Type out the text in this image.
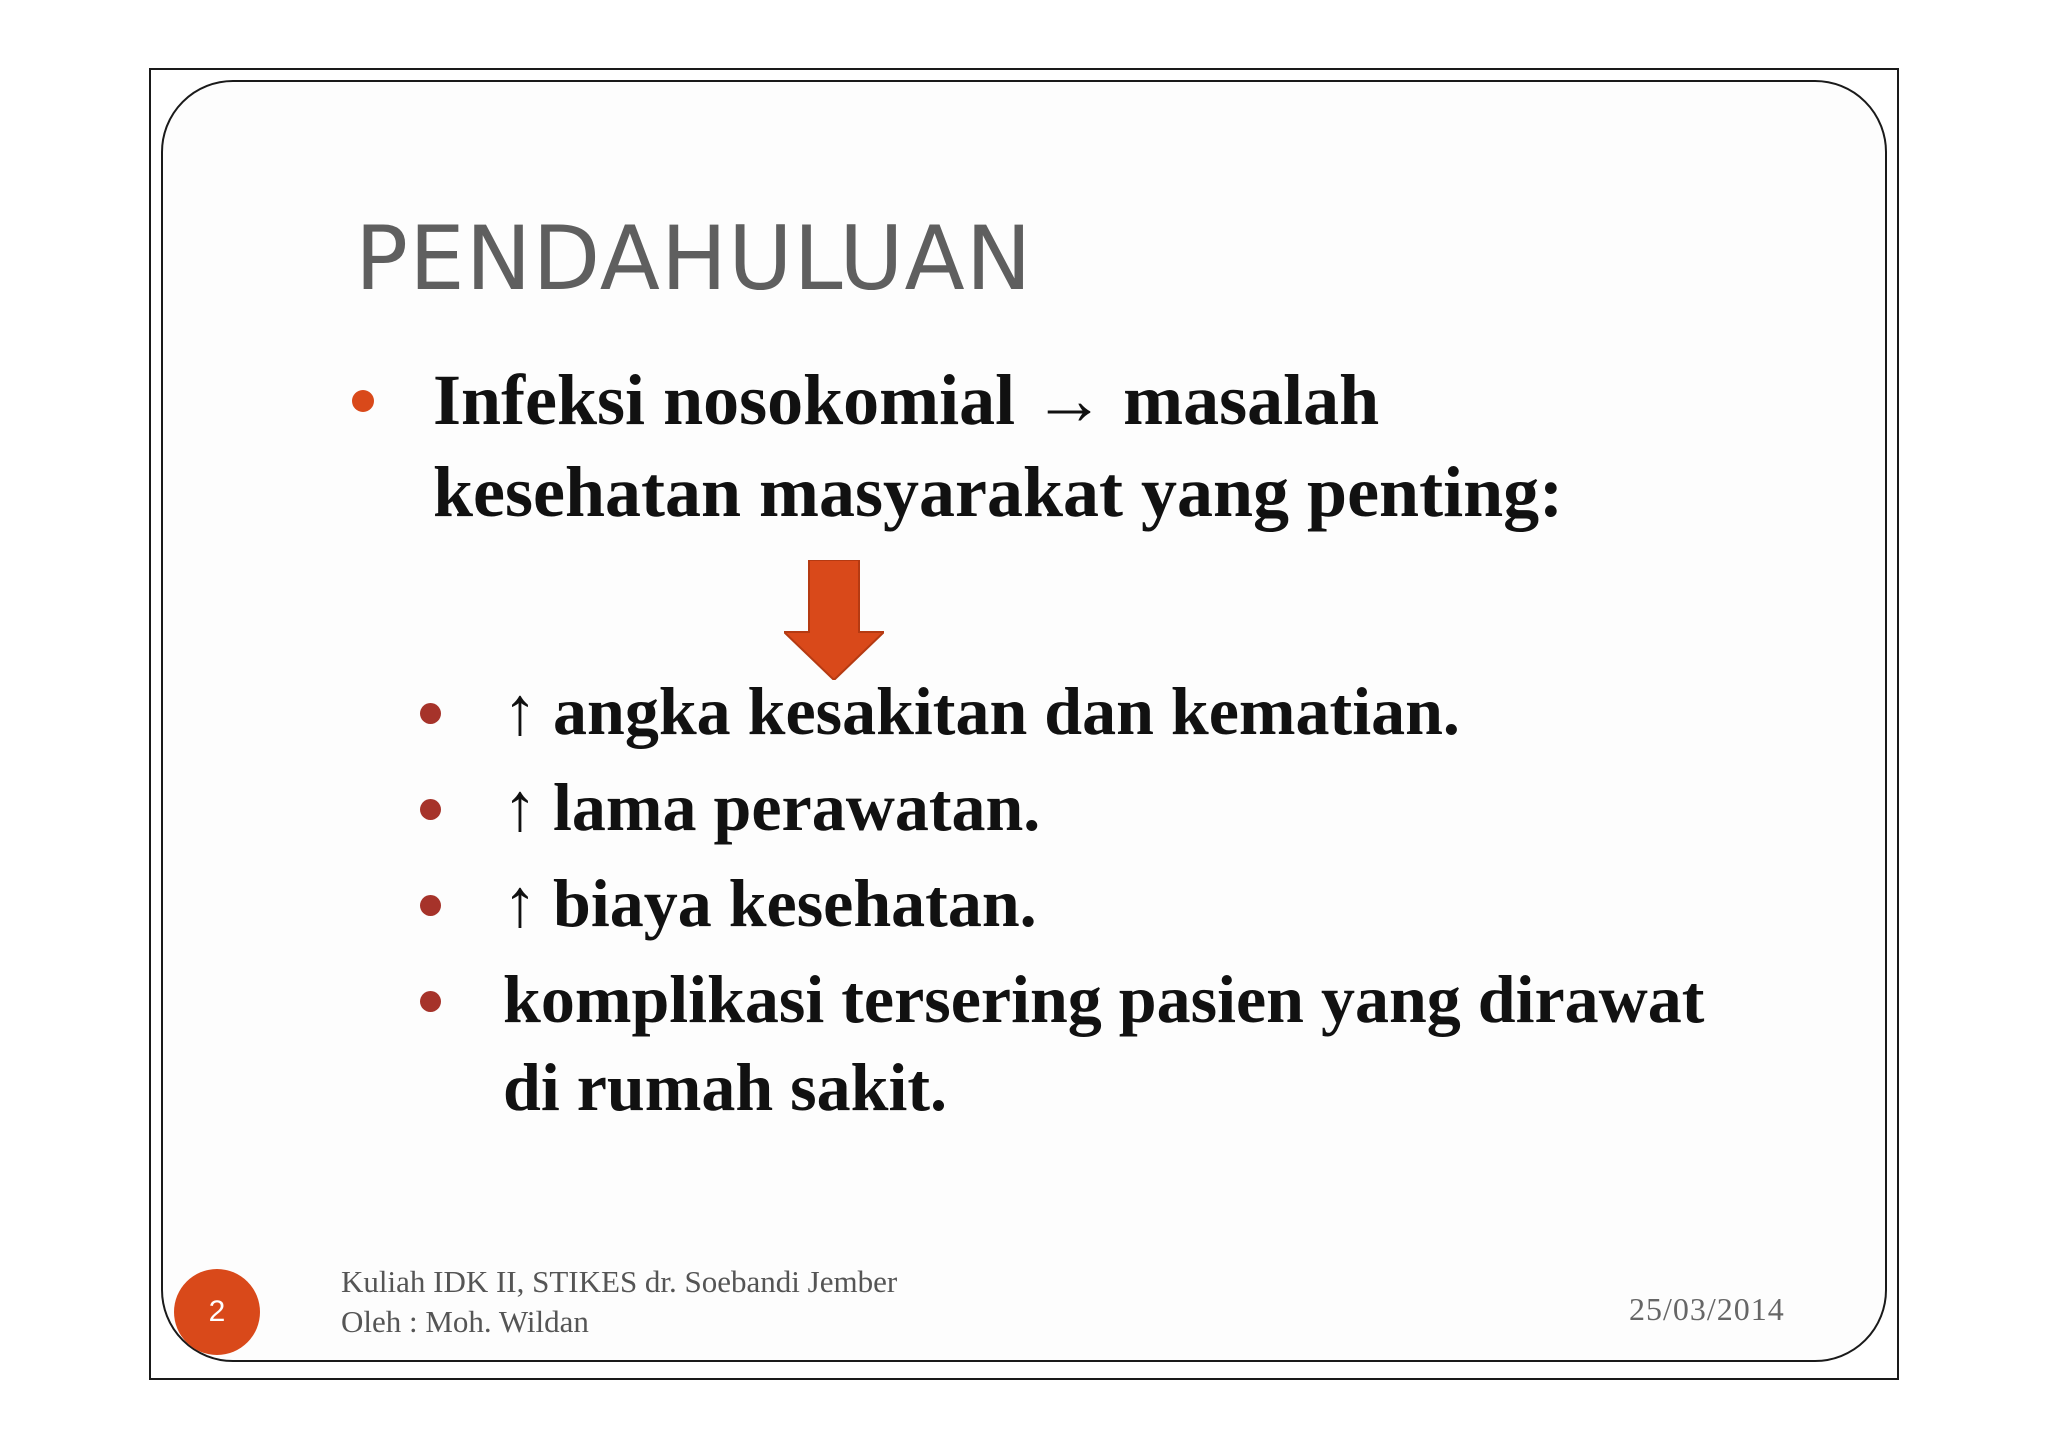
PENDAHULUAN

Infeksi nosokomial → masalah kesehatan masyarakat yang penting:

↑ angka kesakitan dan kematian.
↑ lama perawatan.
↑ biaya kesehatan.
komplikasi tersering pasien yang dirawat di rumah sakit.
2
Kuliah IDK II, STIKES dr. Soebandi Jember
Oleh : Moh. Wildan	25/03/2014
